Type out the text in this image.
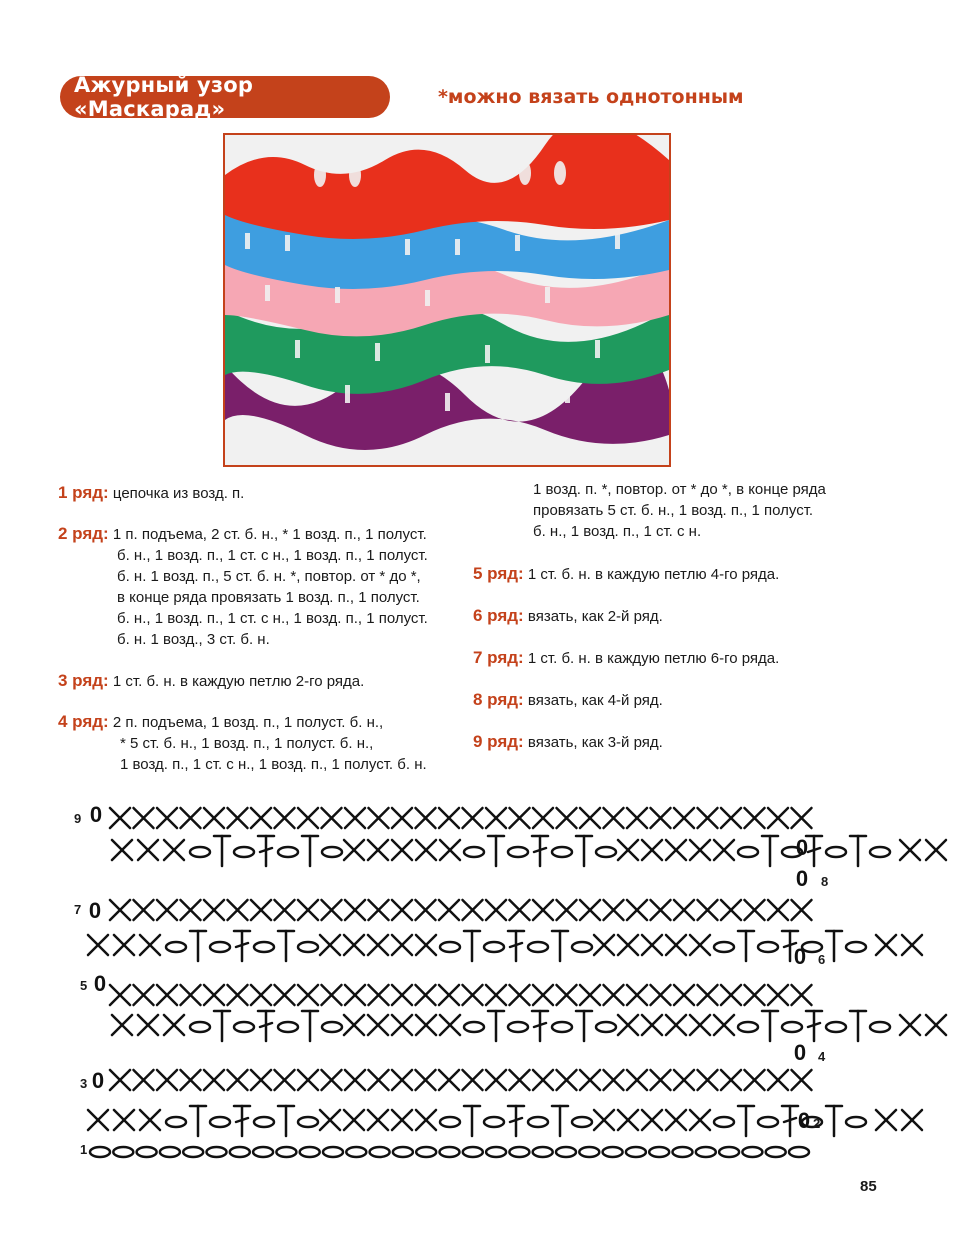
Ажурный узор «Маскарад»	*можно вязать однотонным
1 ряд: цепочка из возд. п.
2 ряд: 1 п. подъема, 2 ст. б. н., * 1 возд. п., 1 полуст.
б. н., 1 возд. п., 1 ст. с н., 1 возд. п., 1 полуст.
б. н. 1 возд. п., 5 ст. б. н. *, повтор. от * до *,
в конце ряда провязать 1 возд. п., 1 полуст.
б. н., 1 возд. п., 1 ст. с н., 1 возд. п., 1 полуст.
б. н. 1 возд., 3 ст. б. н.
3 ряд: 1 ст. б. н. в каждую петлю 2-го ряда.
4 ряд: 2 п. подъема, 1 возд. п., 1 полуст. б. н.,
* 5 ст. б. н., 1 возд. п., 1 полуст. б. н.,
1 возд. п., 1 ст. с н., 1 возд. п., 1 полуст. б. н.
1 возд. п. *, повтор. от * до *, в конце ряда
провязать 5 ст. б. н., 1 возд. п., 1 полуст.
б. н., 1 возд. п., 1 ст. с н.
5 ряд: 1 ст. б. н. в каждую петлю 4-го ряда.
6 ряд: вязать, как 2-й ряд.
7 ряд: 1 ст. б. н. в каждую петлю 6-го ряда.
8 ряд: вязать, как 4-й ряд.
9 ряд: вязать, как 3-й ряд.
0
0
0
0
0
0
0
0
0
1
2
3
4
5
6
7
8
9
85
